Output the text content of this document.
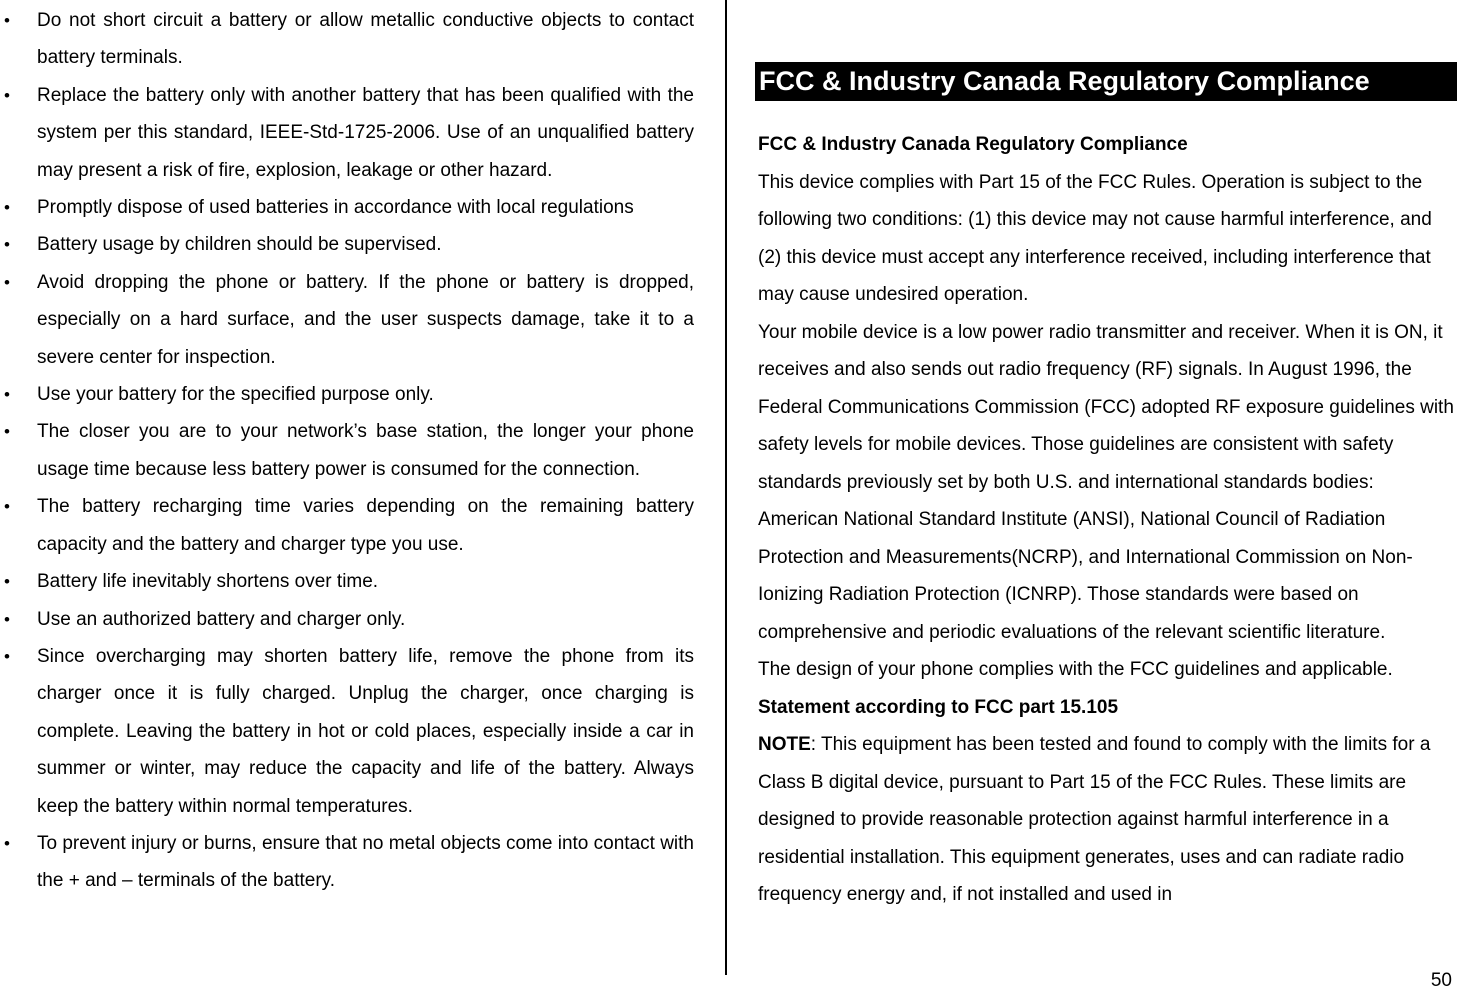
• Do not short circuit a battery or allow metallic conductive objects to contact battery terminals.
• Replace the battery only with another battery that has been qualified with the system per this standard, IEEE-Std-1725-2006. Use of an unqualified battery may present a risk of fire, explosion, leakage or other hazard.
• Promptly dispose of used batteries in accordance with local regulations
• Battery usage by children should be supervised.
• Avoid dropping the phone or battery. If the phone or battery is dropped, especially on a hard surface, and the user suspects damage, take it to a severe center for inspection.
• Use your battery for the specified purpose only.
• The closer you are to your network’s base station, the longer your phone usage time because less battery power is consumed for the connection.
• The battery recharging time varies depending on the remaining battery capacity and the battery and charger type you use.
• Battery life inevitably shortens over time.
• Use an authorized battery and charger only.
• Since overcharging may shorten battery life, remove the phone from its charger once it is fully charged. Unplug the charger, once charging is complete. Leaving the battery in hot or cold places, especially inside a car in summer or winter, may reduce the capacity and life of the battery. Always keep the battery within normal temperatures.
• To prevent injury or burns, ensure that no metal objects come into contact with the + and – terminals of the battery.
FCC & Industry Canada Regulatory Compliance

FCC & Industry Canada Regulatory Compliance

This device complies with Part 15 of the FCC Rules. Operation is subject to the following two conditions: (1) this device may not cause harmful interference, and (2) this device must accept any interference received, including interference that may cause undesired operation.

Your mobile device is a low power radio transmitter and receiver. When it is ON, it receives and also sends out radio frequency (RF) signals. In August 1996, the Federal Communications Commission (FCC) adopted RF exposure guidelines with safety levels for mobile devices. Those guidelines are consistent with safety standards previously set by both U.S. and international standards bodies: American National Standard Institute (ANSI), National Council of Radiation Protection and Measurements(NCRP), and International Commission on Non-Ionizing Radiation Protection (ICNRP). Those standards were based on comprehensive and periodic evaluations of the relevant scientific literature.

The design of your phone complies with the FCC guidelines and applicable.

Statement according to FCC part 15.105

NOTE: This equipment has been tested and found to comply with the limits for a Class B digital device, pursuant to Part 15 of the FCC Rules. These limits are designed to provide reasonable protection against harmful interference in a residential installation. This equipment generates, uses and can radiate radio frequency energy and, if not installed and used in

50
